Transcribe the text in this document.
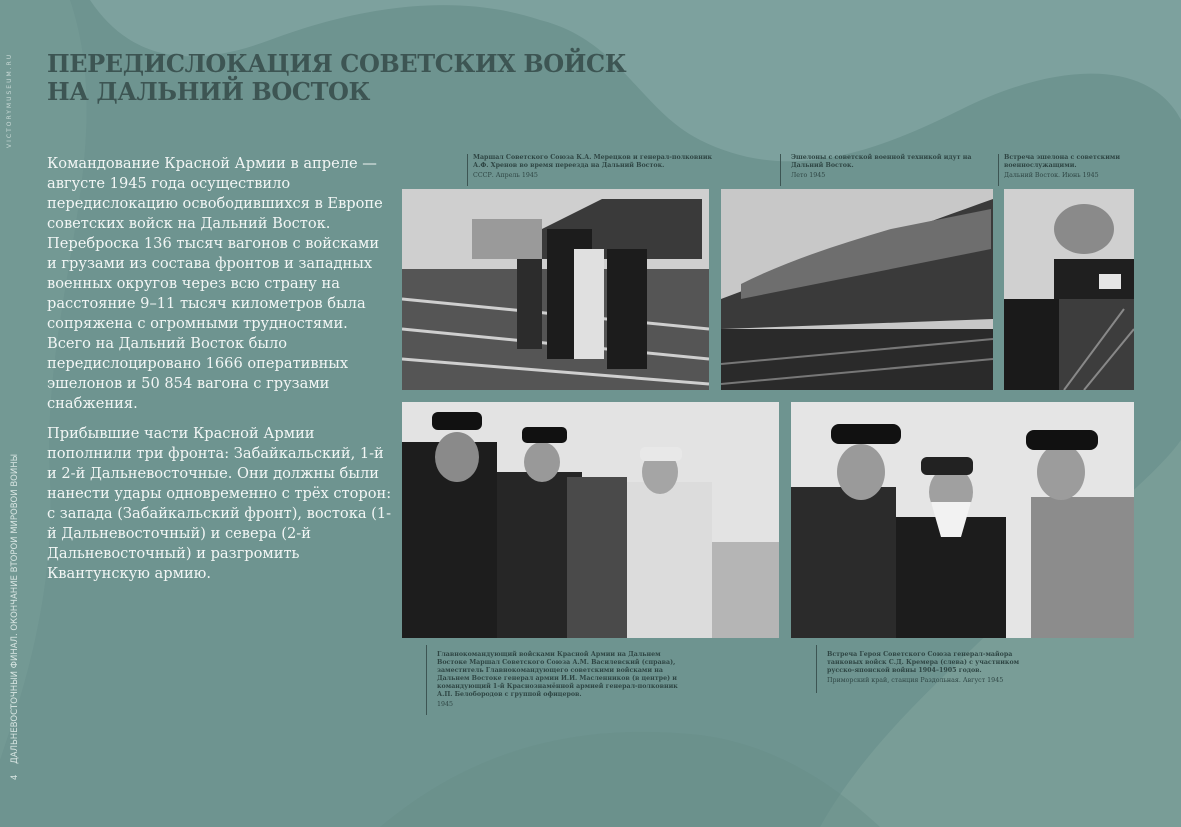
VICTORYMUSEUM.RU
4 ДАЛЬНЕВОСТОЧНЫЙ ФИНАЛ. ОКОНЧАНИЕ ВТОРОЙ МИРОВОЙ ВОЙНЫ
ПЕРЕДИСЛОКАЦИЯ СОВЕТСКИХ ВОЙСК
НА ДАЛЬНИЙ ВОСТОК

Командование Красной Армии в апреле — августе 1945 года осуществило передислокацию освободившихся в Европе советских войск на Дальний Восток. Переброска 136 тысяч вагонов с войсками и грузами из состава фронтов и западных военных округов через всю страну на расстояние 9–11 тысяч километров была сопряжена с огромными трудностями. Всего на Дальний Восток было передислоцировано 1666 оперативных эшелонов и 50 854 вагона с грузами снабжения.

Прибывшие части Красной Армии пополнили три фронта: Забайкальский, 1-й и 2-й Дальневосточные. Они должны были нанести удары одновременно с трёх сторон: с запада (Забайкальский фронт), востока (1-й Дальневосточный) и севера (2-й Дальневосточный) и разгромить Квантунскую армию.

Маршал Советского Союза К.А. Мерецков и генерал-полковник А.Ф. Хренов во время переезда на Дальний Восток.
СССР. Апрель 1945
Эшелоны с советской военной техникой идут на Дальний Восток.
Лето 1945
Встреча эшелона с советскими военнослужащими.
Дальний Восток. Июнь 1945
Главнокомандующий войсками Красной Армии на Дальнем Востоке Маршал Советского Союза А.М. Василевский (справа), заместитель Главнокомандующего советскими войсками на Дальнем Востоке генерал армии И.И. Масленников (в центре) и командующий 1-й Краснознамённой армией генерал-полковник А.П. Белобородов с группой офицеров.
1945
Встреча Героя Советского Союза генерал-майора танковых войск С.Д. Кремера (слева) с участником русско-японской войны 1904–1905 годов.
Приморский край, станция Раздольная. Август 1945
